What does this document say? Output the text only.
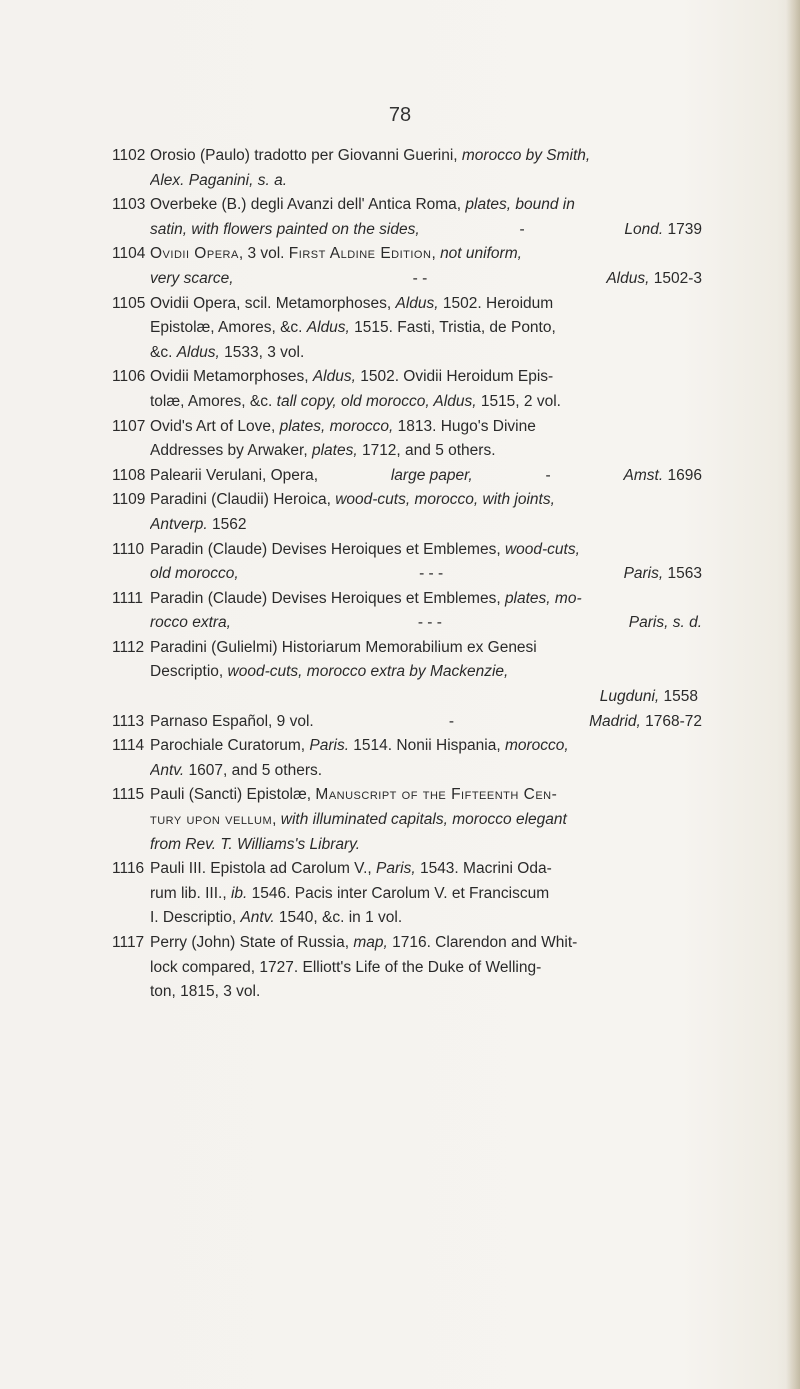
78
1102 Orosio (Paulo) tradotto per Giovanni Guerini, morocco by Smith,
Alex. Paganini, s. a.
1103 Overbeke (B.) degli Avanzi dell' Antica Roma, plates, bound in
satin, with flowers painted on the sides,	-	Lond. 1739
1104 Ovidii Opera, 3 vol. First Aldine Edition, not uniform,
very scarce,	- -	Aldus, 1502-3
1105 Ovidii Opera, scil. Metamorphoses, Aldus, 1502. Heroidum
Epistolæ, Amores, &c. Aldus, 1515. Fasti, Tristia, de Ponto,
&c. Aldus, 1533, 3 vol.
1106 Ovidii Metamorphoses, Aldus, 1502. Ovidii Heroidum Epis-
tolæ, Amores, &c. tall copy, old morocco, Aldus, 1515, 2 vol.
1107 Ovid's Art of Love, plates, morocco, 1813. Hugo's Divine
Addresses by Arwaker, plates, 1712, and 5 others.
1108 Palearii Verulani, Opera,	large paper,	-	Amst. 1696
1109 Paradini (Claudii) Heroica, wood-cuts, morocco, with joints,
Antverp. 1562
1110 Paradin (Claude) Devises Heroiques et Emblemes, wood-cuts,
old morocco,	- - -	Paris, 1563
1111 Paradin (Claude) Devises Heroiques et Emblemes, plates, mo-
rocco extra,	- - -	Paris, s. d.
1112 Paradini (Gulielmi) Historiarum Memorabilium ex Genesi
Descriptio, wood-cuts, morocco extra by Mackenzie,
Lugduni, 1558
1113 Parnaso Español, 9 vol.	-	Madrid, 1768-72
1114 Parochiale Curatorum, Paris. 1514. Nonii Hispania, morocco,
Antv. 1607, and 5 others.
1115 Pauli (Sancti) Epistolæ, Manuscript of the Fifteenth Cen-
tury upon vellum, with illuminated capitals, morocco elegant
from Rev. T. Williams's Library.
1116 Pauli III. Epistola ad Carolum V., Paris, 1543. Macrini Oda-
rum lib. III., ib. 1546. Pacis inter Carolum V. et Franciscum
I. Descriptio, Antv. 1540, &c. in 1 vol.
1117 Perry (John) State of Russia, map, 1716. Clarendon and Whit-
lock compared, 1727. Elliott's Life of the Duke of Welling-
ton, 1815, 3 vol.
